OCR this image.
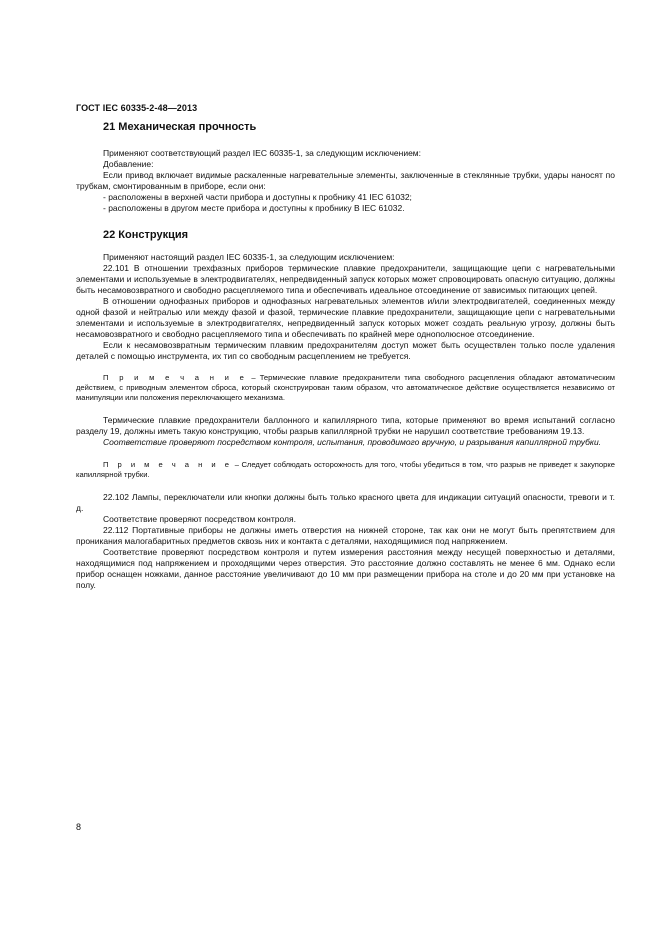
ГОСТ IEC 60335-2-48—2013
21 Механическая прочность

Применяют соответствующий раздел IEC 60335-1, за следующим исключением:

Добавление:

Если привод включает видимые раскаленные нагревательные элементы, заключенные в стеклянные трубки, удары наносят по трубкам, смонтированным в приборе, если они:

- расположены в верхней части прибора и доступны к пробнику 41 IEC 61032;

- расположены в другом месте прибора и доступны к пробнику В IEC 61032.

22 Конструкция

Применяют настоящий раздел IEC 60335-1, за следующим исключением:

22.101 В отношении трехфазных приборов термические плавкие предохранители, защищающие цепи с нагревательными элементами и используемые в электродвигателях, непредвиденный запуск которых может спровоцировать опасную ситуацию, должны быть несамовозвратного и свободно расцепляемого типа и обеспечивать идеальное отсоединение от зависимых питающих цепей.

В отношении однофазных приборов и однофазных нагревательных элементов и/или электродвигателей, соединенных между одной фазой и нейтралью или между фазой и фазой, термические плавкие предохранители, защищающие цепи с нагревательными элементами и используемые в электродвигателях, непредвиденный запуск которых может создать реальную угрозу, должны быть несамовозвратного и свободно расцепляемого типа и обеспечивать по крайней мере однополюсное отсоединение.

Если к несамовозвратным термическим плавким предохранителям доступ может быть осуществлен только после удаления деталей с помощью инструмента, их тип со свободным расцеплением не требуется.

П р и м е ч а н и е – Термические плавкие предохранители типа свободного расцепления обладают автоматическим действием, с приводным элементом сброса, который сконструирован таким образом, что автоматическое действие осуществляется независимо от манипуляции или положения переключающего механизма.

Термические плавкие предохранители баллонного и капиллярного типа, которые применяют во время испытаний согласно разделу 19, должны иметь такую конструкцию, чтобы разрыв капиллярной трубки не нарушил соответствие требованиям 19.13.

Соответствие проверяют посредством контроля, испытания, проводимого вручную, и разрывания капиллярной трубки.

П р и м е ч а н и е – Следует соблюдать осторожность для того, чтобы убедиться в том, что разрыв не приведет к закупорке капиллярной трубки.

22.102 Лампы, переключатели или кнопки должны быть только красного цвета для индикации ситуаций опасности, тревоги и т. д.

Соответствие проверяют посредством контроля.

22.112 Портативные приборы не должны иметь отверстия на нижней стороне, так как они не могут быть препятствием для проникания малогабаритных предметов сквозь них и контакта с деталями, находящимися под напряжением.

Соответствие проверяют посредством контроля и путем измерения расстояния между несущей поверхностью и деталями, находящимися под напряжением и проходящими через отверстия. Это расстояние должно составлять не менее 6 мм. Однако если прибор оснащен ножками, данное расстояние увеличивают до 10 мм при размещении прибора на столе и до 20 мм при установке на полу.

8
